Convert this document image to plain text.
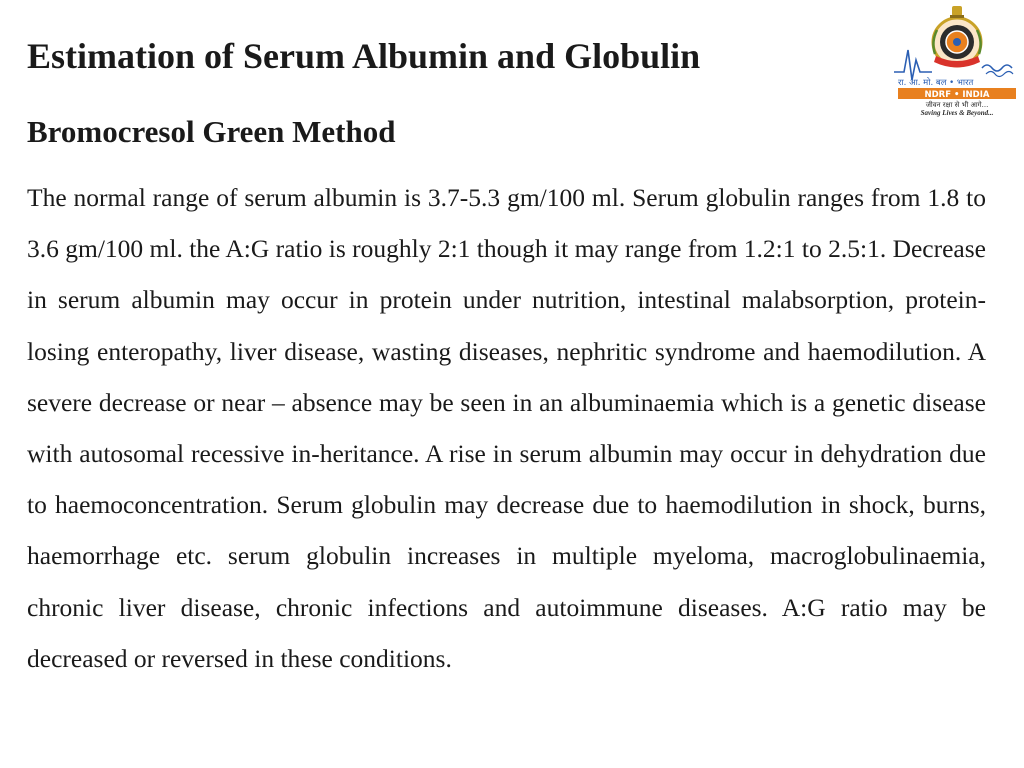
Estimation of Serum Albumin and Globulin
Bromocresol Green Method

The normal range of serum albumin is 3.7-5.3 gm/100 ml. Serum globulin ranges from 1.8 to 3.6 gm/100 ml. the A:G ratio is roughly 2:1 though it may range from 1.2:1 to 2.5:1. Decrease in serum albumin may occur in protein under nutrition, intestinal malabsorption, protein-losing enteropathy, liver disease, wasting diseases, nephritic syndrome and haemodilution. A severe decrease or near – absence may be seen in an albuminaemia which is a genetic disease with autosomal recessive in-heritance. A rise in serum albumin may occur in dehydration due to haemoconcentration. Serum globulin may decrease due to haemodilution in shock, burns, haemorrhage etc. serum globulin increases in multiple myeloma, macroglobulinaemia, chronic liver disease, chronic infections and autoimmune diseases. A:G ratio may be decreased or reversed in these conditions.

रा. आ. मो. बल • भारत
NDRF • INDIA
जीवन रक्षा से भी आगे...
Saving Lives & Beyond...
